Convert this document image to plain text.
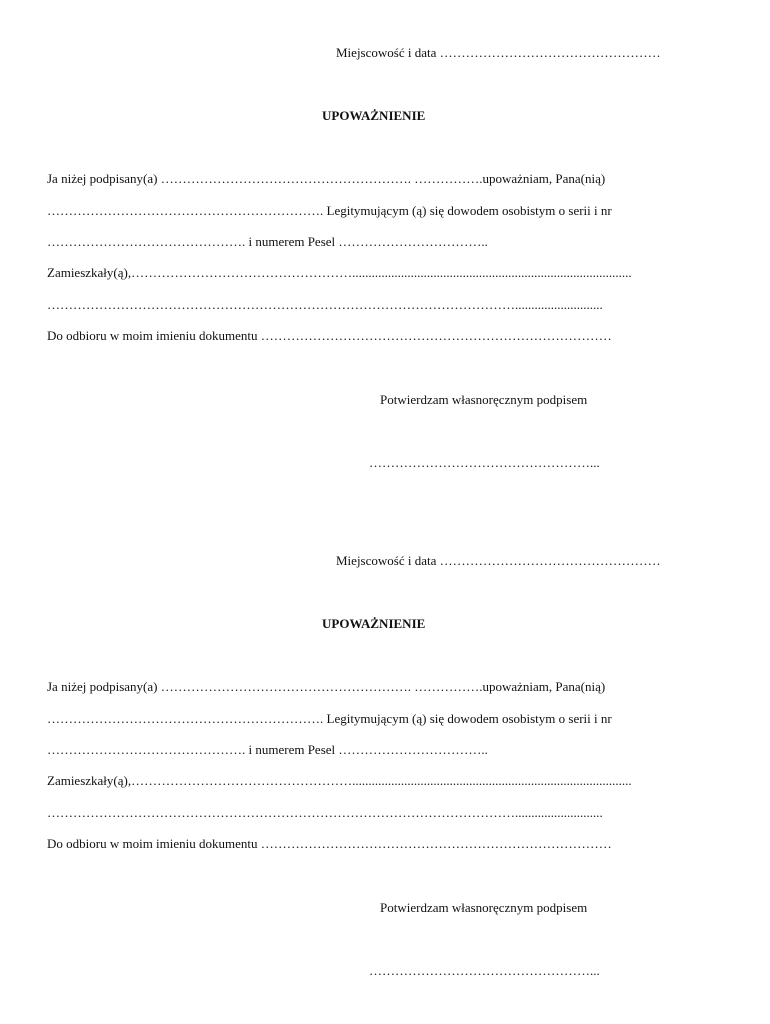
Miejscowość i data ……………………………………………
UPOWAŻNIENIE
Ja niżej podpisany(a) …………………………………………………. …………….upoważniam, Pana(nią)
………………………………………………………. Legitymującym (ą) się dowodem osobistym o serii i nr
………………………………………. i numerem Pesel ……………………………..
Zamieszkały(ą),……………………………………………......................................................................................
………………………………………………………………………………………………...........................
Do odbioru w moim imieniu dokumentu ………………………………………………………………………
Potwierdzam własnoręcznym podpisem
……………………………………………...
Miejscowość i data ……………………………………………
UPOWAŻNIENIE
Ja niżej podpisany(a) …………………………………………………. …………….upoważniam, Pana(nią)
………………………………………………………. Legitymującym (ą) się dowodem osobistym o serii i nr
………………………………………. i numerem Pesel ……………………………..
Zamieszkały(ą),……………………………………………......................................................................................
………………………………………………………………………………………………...........................
Do odbioru w moim imieniu dokumentu ………………………………………………………………………
Potwierdzam własnoręcznym podpisem
……………………………………………...
